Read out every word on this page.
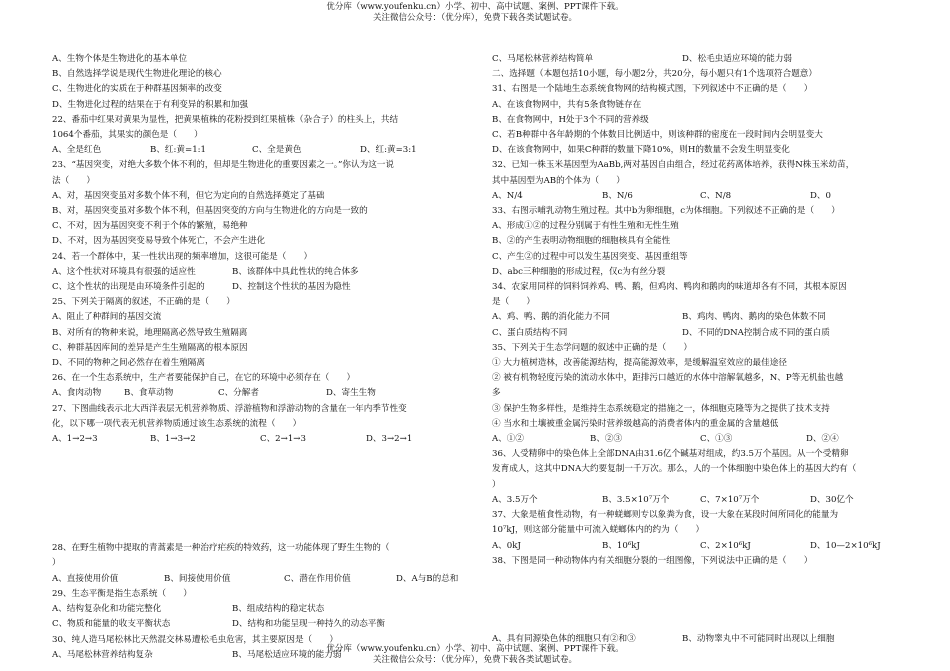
优分库（www.youfenku.cn）小学、初中、高中试题、案例、PPT课件下载。
关注微信公众号：（优分库），免费下载各类试题试卷。

A、生物个体是生物进化的基本单位

B、自然选择学说是现代生物进化理论的核心

C、生物进化的实质在于种群基因频率的改变

D、生物进化过程的结果在于有利变异的积累和加强

22、番茄中红果对黄果为显性，把黄果植株的花粉授到红果植株（杂合子）的柱头上，共结

1064个番茄，其果实的颜色是（　　）

A、全是红色	B、红:黄=1:1	C、全是黄色	D、红:黄=3:1

23、“基因突变，对绝大多数个体不利的，但却是生物进化的重要因素之一。”你认为这一说

法（　　）

A、对，基因突变虽对多数个体不利，但它为定向的自然选择奠定了基础

B、对，基因突变虽对多数个体不利，但基因突变的方向与生物进化的方向是一致的

C、不对，因为基因突变不利于个体的繁殖，易绝种

D、不对，因为基因突变易导致个体死亡，不会产生进化

24、若一个群体中，某一性状出现的频率增加，这很可能是（　　）

A、这个性状对环境具有很强的适应性	B、该群体中具此性状的纯合体多

C、这个性状的出现是由环境条件引起的	D、控制这个性状的基因为隐性

25、下列关于隔离的叙述，不正确的是（　　）

A、阻止了种群间的基因交流

B、对所有的物种来说，地理隔离必然导致生殖隔离

C、种群基因库间的差异是产生生殖隔离的根本原因

D、不同的物种之间必然存在着生殖隔离

26、在一个生态系统中，生产者要能保护自己，在它的环境中必须存在（　　）

A、食肉动物	B、食草动物	C、分解者	D、寄生生物

27、下图曲线表示北大西洋表层无机营养物质、浮游植物和浮游动物的含量在一年内季节性变

化，以下哪一项代表无机营养物质通过该生态系统的流程（　　）

A、1→2→3	B、1→3→2	C、2→1→3	D、3→2→1

28、在野生植物中提取的青蒿素是一种治疗疟疾的特效药，这一功能体现了野生生物的（

）

A、直接使用价值	B、间接使用价值	C、潜在作用价值	D、A与B的总和

29、生态平衡是指生态系统（　　）

A、结构复杂化和功能完整化	B、组成结构的稳定状态

C、物质和能量的收支平衡状态	D、结构和功能呈现一种持久的动态平衡

30、纯人造马尾松林比天然混交林易遭松毛虫危害，其主要原因是（　　）

A、马尾松林营养结构复杂	B、马尾松适应环境的能力弱

C、马尾松林营养结构简单	D、松毛虫适应环境的能力弱

二、选择题（本题包括10小题，每小题2分，共20分，每小题只有1个选项符合题意）

31、右图是一个陆地生态系统食物网的结构模式图，下列叙述中不正确的是（　　）

A、在该食物网中，共有5条食物链存在

B、在食物网中，H处于3个不同的营养级

C、若B种群中各年龄期的个体数目比例适中，则该种群的密度在一段时间内会明显变大

D、在该食物网中，如果C种群的数量下降10%，则H的数量不会发生明显变化

32、已知一株玉米基因型为AaBb,两对基因自由组合，经过花药离体培养，获得N株玉米幼苗，

其中基因型为AB的个体为（　　）

A、N/4	B、N/6	C、N/8	D、0

33、右图示哺乳动物生殖过程。其中b为卵细胞，c为体细胞。下列叙述不正确的是（　　）

A、形成①②的过程分别属于有性生殖和无性生殖

B、②的产生表明动物细胞的细胞核具有全能性

C、产生②的过程中可以发生基因突变、基因重组等

D、abc三种细胞的形成过程，仅c为有丝分裂

34、农家用同样的饲料饲养鸡、鸭、鹅，但鸡肉、鸭肉和鹅肉的味道却各有不同，其根本原因

是（　　）

A、鸡、鸭、鹅的消化能力不同	B、鸡肉、鸭肉、鹅肉的染色体数不同

C、蛋白质结构不同	D、不同的DNA控制合成不同的蛋白质

35、下列关于生态学问题的叙述中正确的是（　　）

① 大力植树造林，改善能源结构，提高能源效率，是缓解温室效应的最佳途径

② 被有机物轻度污染的流动水体中，距排污口越近的水体中溶解氧越多，N、P等无机盐也越

多

③ 保护生物多样性，是维持生态系统稳定的措施之一，体细胞克隆等为之提供了技术支持

④ 当水和土壤被重金属污染时营养级越高的消费者体内的重金属的含量越低

A、①②	B、②③	C、①③	D、②④

36、人受精卵中的染色体上全部DNA由31.6亿个碱基对组成，约3.5万个基因。从一个受精卵

发育成人，这其中DNA大约要复制一千万次。那么，人的一个体细胞中染色体上的基因大约有（

）

A、3.5万个	B、3.5×10⁷万个	C、7×10⁷万个	D、30亿个

37、大象是植食性动物，有一种蜣螂则专以象粪为食，设一大象在某段时间所同化的能量为

10⁷kJ，则这部分能量中可流入蜣螂体内的约为（　　）

A、0kJ	B、10⁶kJ	C、2×10⁶kJ	D、10—2×10⁶kJ

38、下图是同一种动物体内有关细胞分裂的一组图像，下列说法中正确的是（　　）

A、具有同源染色体的细胞只有②和③	B、动物睾丸中不可能同时出现以上细胞

优分库（www.youfenku.cn）小学、初中、高中试题、案例、PPT课件下载。
关注微信公众号：（优分库），免费下载各类试题试卷。
